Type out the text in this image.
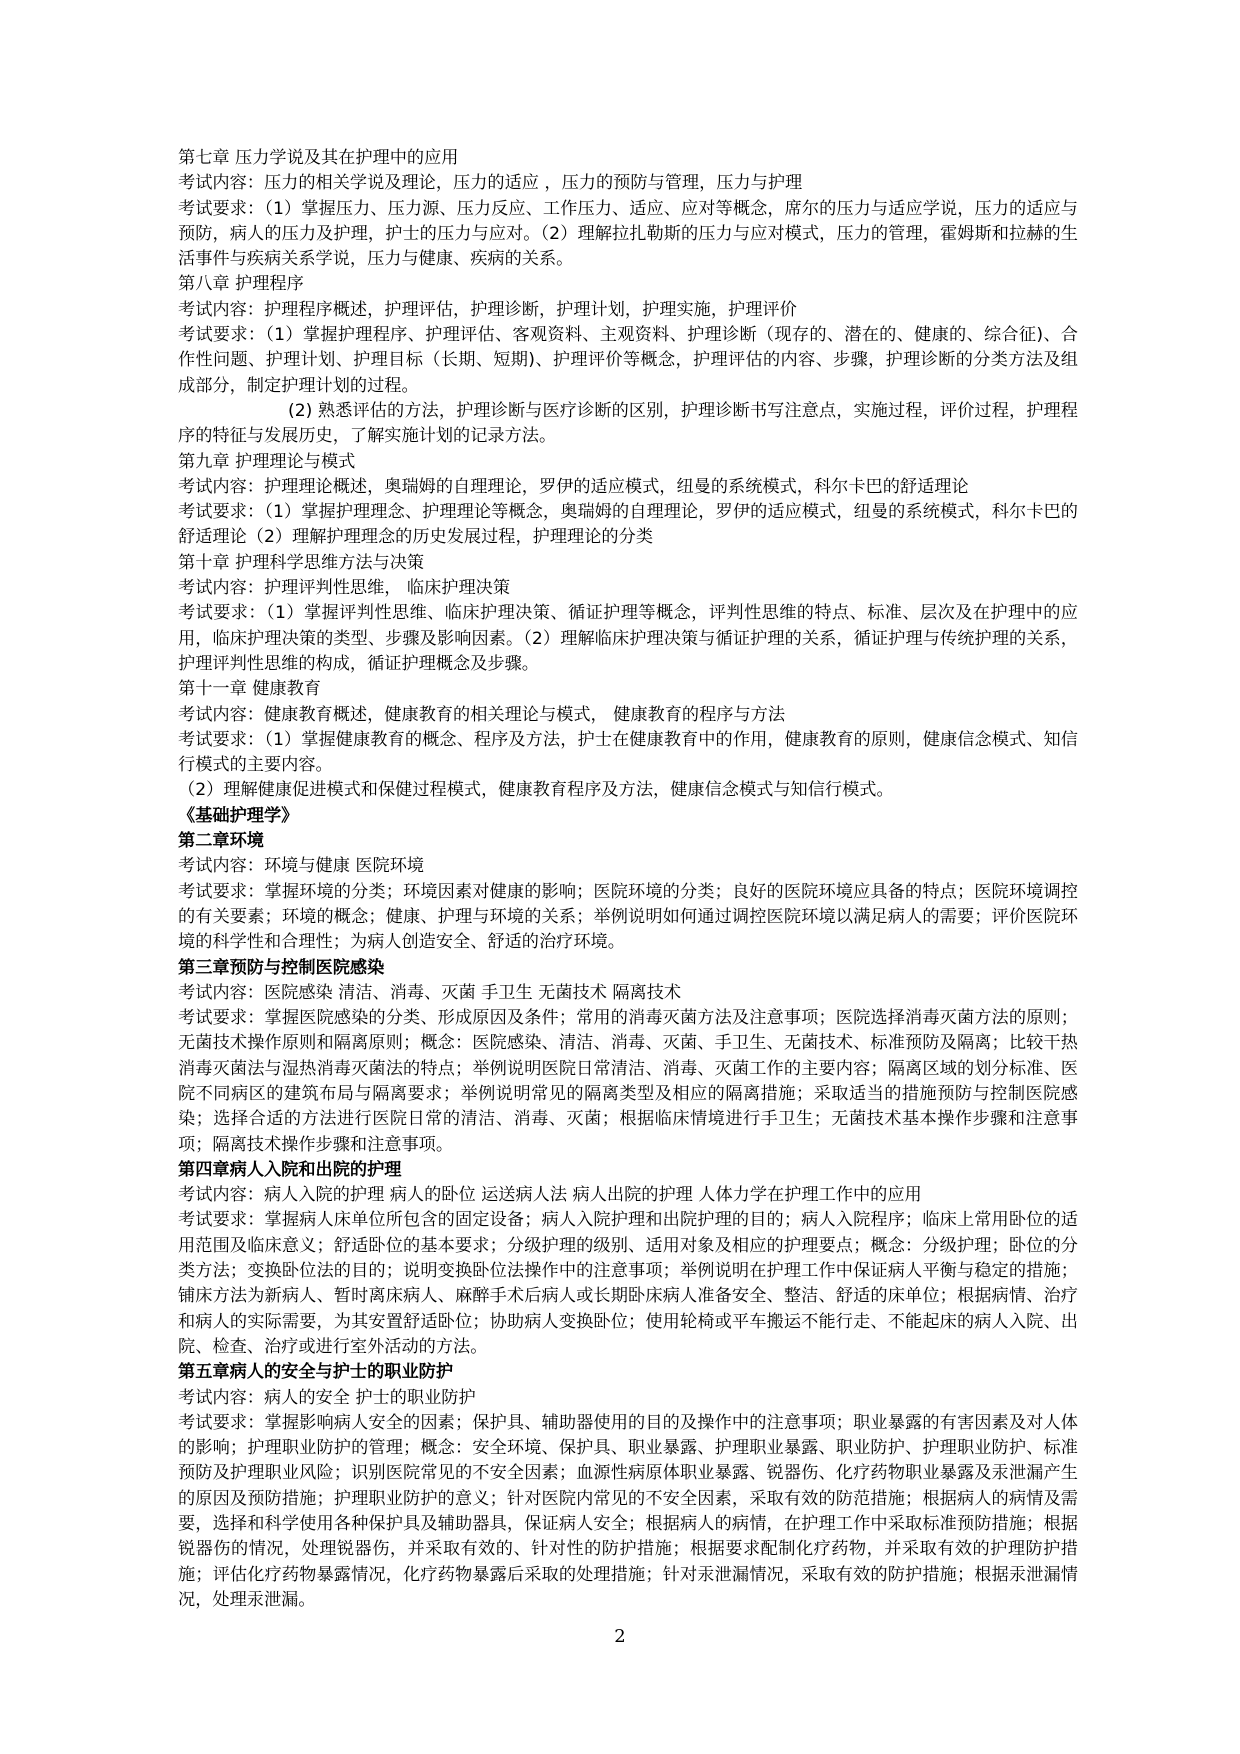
第七章 压力学说及其在护理中的应用

考试内容：压力的相关学说及理论，压力的适应 ，压力的预防与管理，压力与护理

考试要求：（1）掌握压力、压力源、压力反应、工作压力、适应、应对等概念，席尔的压力与适应学说，压力的适应与预防，病人的压力及护理，护士的压力与应对。（2）理解拉扎勒斯的压力与应对模式，压力的管理，霍姆斯和拉赫的生活事件与疾病关系学说，压力与健康、疾病的关系。

第八章 护理程序

考试内容：护理程序概述，护理评估，护理诊断，护理计划，护理实施，护理评价

考试要求：（1）掌握护理程序、护理评估、客观资料、主观资料、护理诊断（现存的、潜在的、健康的、综合征)、合作性问题、护理计划、护理目标（长期、短期)、护理评价等概念，护理评估的内容、步骤，护理诊断的分类方法及组成部分，制定护理计划的过程。

(2) 熟悉评估的方法，护理诊断与医疗诊断的区别，护理诊断书写注意点，实施过程，评价过程，护理程序的特征与发展历史，了解实施计划的记录方法。

第九章 护理理论与模式

考试内容：护理理论概述，奥瑞姆的自理理论，罗伊的适应模式，纽曼的系统模式，科尔卡巴的舒适理论

考试要求：（1）掌握护理理念、护理理论等概念，奥瑞姆的自理理论，罗伊的适应模式，纽曼的系统模式，科尔卡巴的舒适理论（2）理解护理理念的历史发展过程，护理理论的分类

第十章 护理科学思维方法与决策

考试内容：护理评判性思维， 临床护理决策

考试要求：（1）掌握评判性思维、临床护理决策、循证护理等概念，评判性思维的特点、标准、层次及在护理中的应用，临床护理决策的类型、步骤及影响因素。（2）理解临床护理决策与循证护理的关系，循证护理与传统护理的关系，护理评判性思维的构成，循证护理概念及步骤。

第十一章 健康教育

考试内容：健康教育概述，健康教育的相关理论与模式， 健康教育的程序与方法

考试要求：（1）掌握健康教育的概念、程序及方法，护士在健康教育中的作用，健康教育的原则，健康信念模式、知信行模式的主要内容。

（2）理解健康促进模式和保健过程模式，健康教育程序及方法，健康信念模式与知信行模式。

《基础护理学》

第二章环境

考试内容：环境与健康 医院环境

考试要求：掌握环境的分类；环境因素对健康的影响；医院环境的分类；良好的医院环境应具备的特点；医院环境调控的有关要素；环境的概念；健康、护理与环境的关系；举例说明如何通过调控医院环境以满足病人的需要；评价医院环境的科学性和合理性；为病人创造安全、舒适的治疗环境。

第三章预防与控制医院感染

考试内容：医院感染 清洁、消毒、灭菌 手卫生 无菌技术 隔离技术

考试要求：掌握医院感染的分类、形成原因及条件；常用的消毒灭菌方法及注意事项；医院选择消毒灭菌方法的原则；无菌技术操作原则和隔离原则；概念：医院感染、清洁、消毒、灭菌、手卫生、无菌技术、标准预防及隔离；比较干热消毒灭菌法与湿热消毒灭菌法的特点；举例说明医院日常清洁、消毒、灭菌工作的主要内容；隔离区域的划分标准、医院不同病区的建筑布局与隔离要求；举例说明常见的隔离类型及相应的隔离措施；采取适当的措施预防与控制医院感染；选择合适的方法进行医院日常的清洁、消毒、灭菌；根据临床情境进行手卫生；无菌技术基本操作步骤和注意事项；隔离技术操作步骤和注意事项。

第四章病人入院和出院的护理

考试内容：病人入院的护理 病人的卧位 运送病人法 病人出院的护理 人体力学在护理工作中的应用

考试要求：掌握病人床单位所包含的固定设备；病人入院护理和出院护理的目的；病人入院程序；临床上常用卧位的适用范围及临床意义；舒适卧位的基本要求；分级护理的级别、适用对象及相应的护理要点；概念：分级护理；卧位的分类方法；变换卧位法的目的；说明变换卧位法操作中的注意事项；举例说明在护理工作中保证病人平衡与稳定的措施；铺床方法为新病人、暂时离床病人、麻醉手术后病人或长期卧床病人准备安全、整洁、舒适的床单位；根据病情、治疗和病人的实际需要，为其安置舒适卧位；协助病人变换卧位；使用轮椅或平车搬运不能行走、不能起床的病人入院、出院、检查、治疗或进行室外活动的方法。

第五章病人的安全与护士的职业防护

考试内容：病人的安全 护士的职业防护

考试要求：掌握影响病人安全的因素；保护具、辅助器使用的目的及操作中的注意事项；职业暴露的有害因素及对人体的影响；护理职业防护的管理；概念：安全环境、保护具、职业暴露、护理职业暴露、职业防护、护理职业防护、标准预防及护理职业风险；识别医院常见的不安全因素；血源性病原体职业暴露、锐器伤、化疗药物职业暴露及汞泄漏产生的原因及预防措施；护理职业防护的意义；针对医院内常见的不安全因素，采取有效的防范措施；根据病人的病情及需要，选择和科学使用各种保护具及辅助器具，保证病人安全；根据病人的病情，在护理工作中采取标准预防措施；根据锐器伤的情况，处理锐器伤，并采取有效的、针对性的防护措施；根据要求配制化疗药物，并采取有效的护理防护措施；评估化疗药物暴露情况，化疗药物暴露后采取的处理措施；针对汞泄漏情况，采取有效的防护措施；根据汞泄漏情况，处理汞泄漏。

2
